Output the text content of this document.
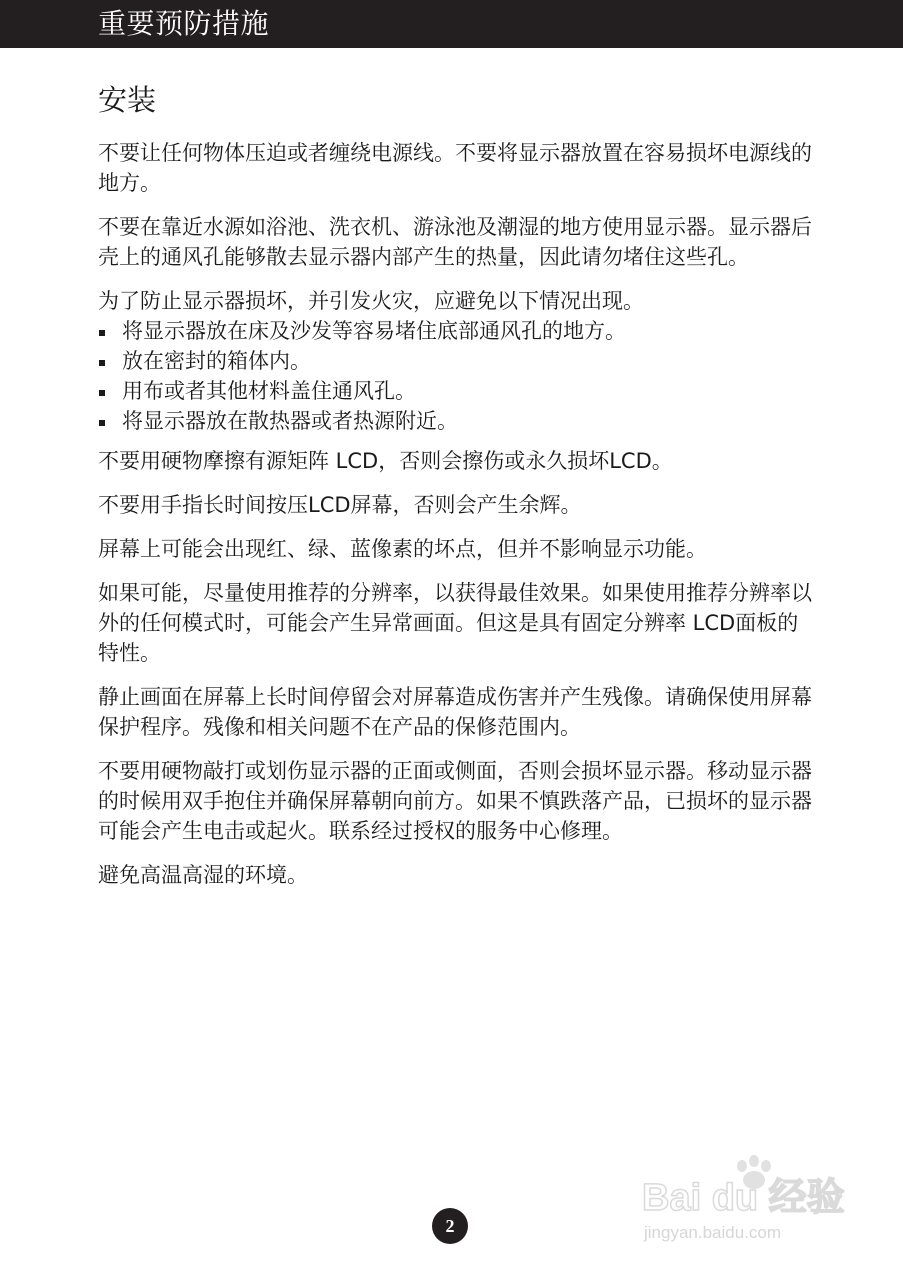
重要预防措施
安装

不要让任何物体压迫或者缠绕电源线。不要将显示器放置在容易损坏电源线的地方。

不要在靠近水源如浴池、洗衣机、游泳池及潮湿的地方使用显示器。显示器后壳上的通风孔能够散去显示器内部产生的热量，因此请勿堵住这些孔。

为了防止显示器损坏，并引发火灾，应避免以下情况出现。

将显示器放在床及沙发等容易堵住底部通风孔的地方。
放在密封的箱体内。
用布或者其他材料盖住通风孔。
将显示器放在散热器或者热源附近。

不要用硬物摩擦有源矩阵 LCD，否则会擦伤或永久损坏LCD。

不要用手指长时间按压LCD屏幕，否则会产生余辉。

屏幕上可能会出现红、绿、蓝像素的坏点，但并不影响显示功能。

如果可能，尽量使用推荐的分辨率，以获得最佳效果。如果使用推荐分辨率以外的任何模式时，可能会产生异常画面。但这是具有固定分辨率 LCD面板的特性。

静止画面在屏幕上长时间停留会对屏幕造成伤害并产生残像。请确保使用屏幕保护程序。残像和相关问题不在产品的保修范围内。

不要用硬物敲打或划伤显示器的正面或侧面，否则会损坏显示器。移动显示器的时候用双手抱住并确保屏幕朝向前方。如果不慎跌落产品，已损坏的显示器可能会产生电击或起火。联系经过授权的服务中心修理。

避免高温高湿的环境。

2
Bai du 经验
jingyan.baidu.com
